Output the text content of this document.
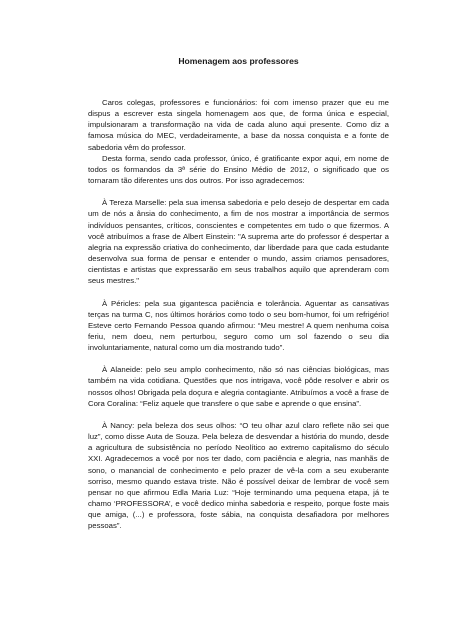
Homenagem aos professores

Caros colegas, professores e funcionários: foi com imenso prazer que eu me dispus a escrever esta singela homenagem aos que, de forma única e especial, impulsionaram a transformação na vida de cada aluno aqui presente. Como diz a famosa música do MEC, verdadeiramente, a base da nossa conquista e a fonte de sabedoria vêm do professor.

Desta forma, sendo cada professor, único, é gratificante expor aqui, em nome de todos os formandos da 3ª série do Ensino Médio de 2012, o significado que os tornaram tão diferentes uns dos outros. Por isso agradecemos:

À Tereza Marselle: pela sua imensa sabedoria e pelo desejo de despertar em cada um de nós a ânsia do conhecimento, a fim de nos mostrar a importância de sermos indivíduos pensantes, críticos, conscientes e competentes em tudo o que fizermos. A você atribuímos a frase de Albert Einstein: "A suprema arte do professor é despertar a alegria na expressão criativa do conhecimento, dar liberdade para que cada estudante desenvolva sua forma de pensar e entender o mundo, assim criamos pensadores, cientistas e artistas que expressarão em seus trabalhos aquilo que aprenderam com seus mestres."

À Péricles: pela sua gigantesca paciência e tolerância. Aguentar as cansativas terças na turma C, nos últimos horários como todo o seu bom-humor, foi um refrigério! Esteve certo Fernando Pessoa quando afirmou: “Meu mestre! A quem nenhuma coisa feriu, nem doeu, nem perturbou, seguro como um sol fazendo o seu dia involuntariamente, natural como um dia mostrando tudo”.

À Alaneide: pelo seu amplo conhecimento, não só nas ciências biológicas, mas também na vida cotidiana. Questões que nos intrigava, você pôde resolver e abrir os nossos olhos! Obrigada pela doçura e alegria contagiante. Atribuímos a você a frase de Cora Coralina: “Feliz aquele que transfere o que sabe e aprende o que ensina”.

À Nancy: pela beleza dos seus olhos: “O teu olhar azul claro reflete não sei que luz”, como disse Auta de Souza. Pela beleza de desvendar a história do mundo, desde a agricultura de subsistência no período Neolítico ao extremo capitalismo do século XXI. Agradecemos a você por nos ter dado, com paciência e alegria, nas manhãs de sono, o manancial de conhecimento e pelo prazer de vê-la com a seu exuberante sorriso, mesmo quando estava triste. Não é possível deixar de lembrar de você sem pensar no que afirmou Edla Maria Luz: “Hoje terminando uma pequena etapa, já te chamo ‘PROFESSORA’, e você dedico minha sabedoria e respeito, porque foste mais que amiga, (...) e professora, foste sábia, na conquista desafiadora por melhores pessoas”.
